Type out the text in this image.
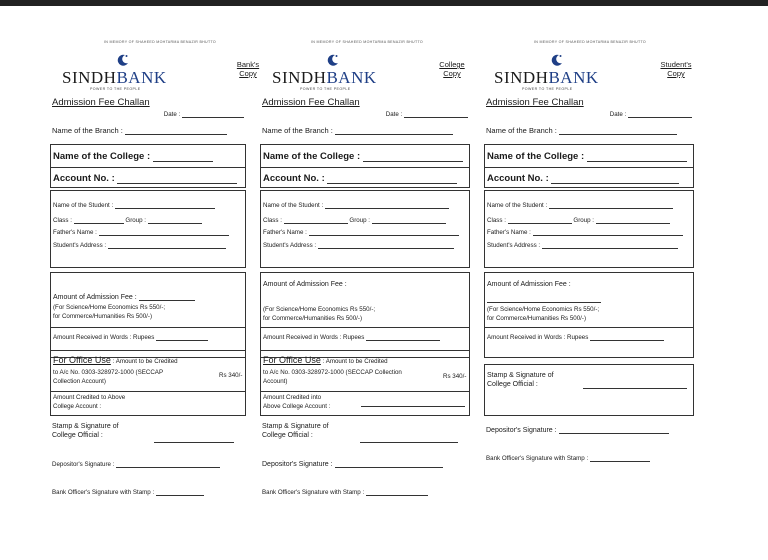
IN MEMORY OF SHAHEED MOHTARMA BENAZIR BHUTTO
SINDHBANK
POWER TO THE PEOPLE
Bank's
Copy
Admission Fee Challan
Date :
Name of the Branch :
Name of the College :
Account No. :
Name of the Student :
Class :	Group :
Father's Name :
Student's Address :
Amount of Admission Fee :
(For Science/Home Economics Rs 550/-;
for Commerce/Humanities Rs 500/-)
Amount Received in Words : Rupees
For Office Use : Amount to be Credited
to A/c No. 0303-328972-1000 (SECCAP
Collection Account)
Rs 340/-
Amount Credited to Above
College Account :
Stamp & Signature of
College Official :
Depositor's Signature :
Bank Officer's Signature with Stamp :
IN MEMORY OF SHAHEED MOHTARMA BENAZIR BHUTTO
SINDHBANK
POWER TO THE PEOPLE
College
Copy
Admission Fee Challan
Date :
Name of the Branch :
Name of the College :
Account No. :
Name of the Student :
Class :	Group :
Father's Name :
Student's Address :
Amount of Admission Fee :
(For Science/Home Economics Rs 550/-;
for Commerce/Humanities Rs 500/-)
Amount Received in Words : Rupees
For Office Use : Amount to be Credited
to A/c No. 0303-328972-1000 (SECCAP Collection
Account)
Rs 340/-
Amount Credited into
Above College Account :
Stamp & Signature of
College Official :
Depositor's Signature :
Bank Officer's Signature with Stamp :
IN MEMORY OF SHAHEED MOHTARMA BENAZIR BHUTTO
SINDHBANK
POWER TO THE PEOPLE
Student's
Copy
Admission Fee Challan
Date :
Name of the Branch :
Name of the College :
Account No. :
Name of the Student :
Class :	Group :
Father's Name :
Student's Address :
Amount of Admission Fee :
(For Science/Home Economics Rs 550/-;
for Commerce/Humanities Rs 500/-)
Amount Received in Words : Rupees
Stamp & Signature of
College Official :
Depositor's Signature :
Bank Officer's Signature with Stamp :
